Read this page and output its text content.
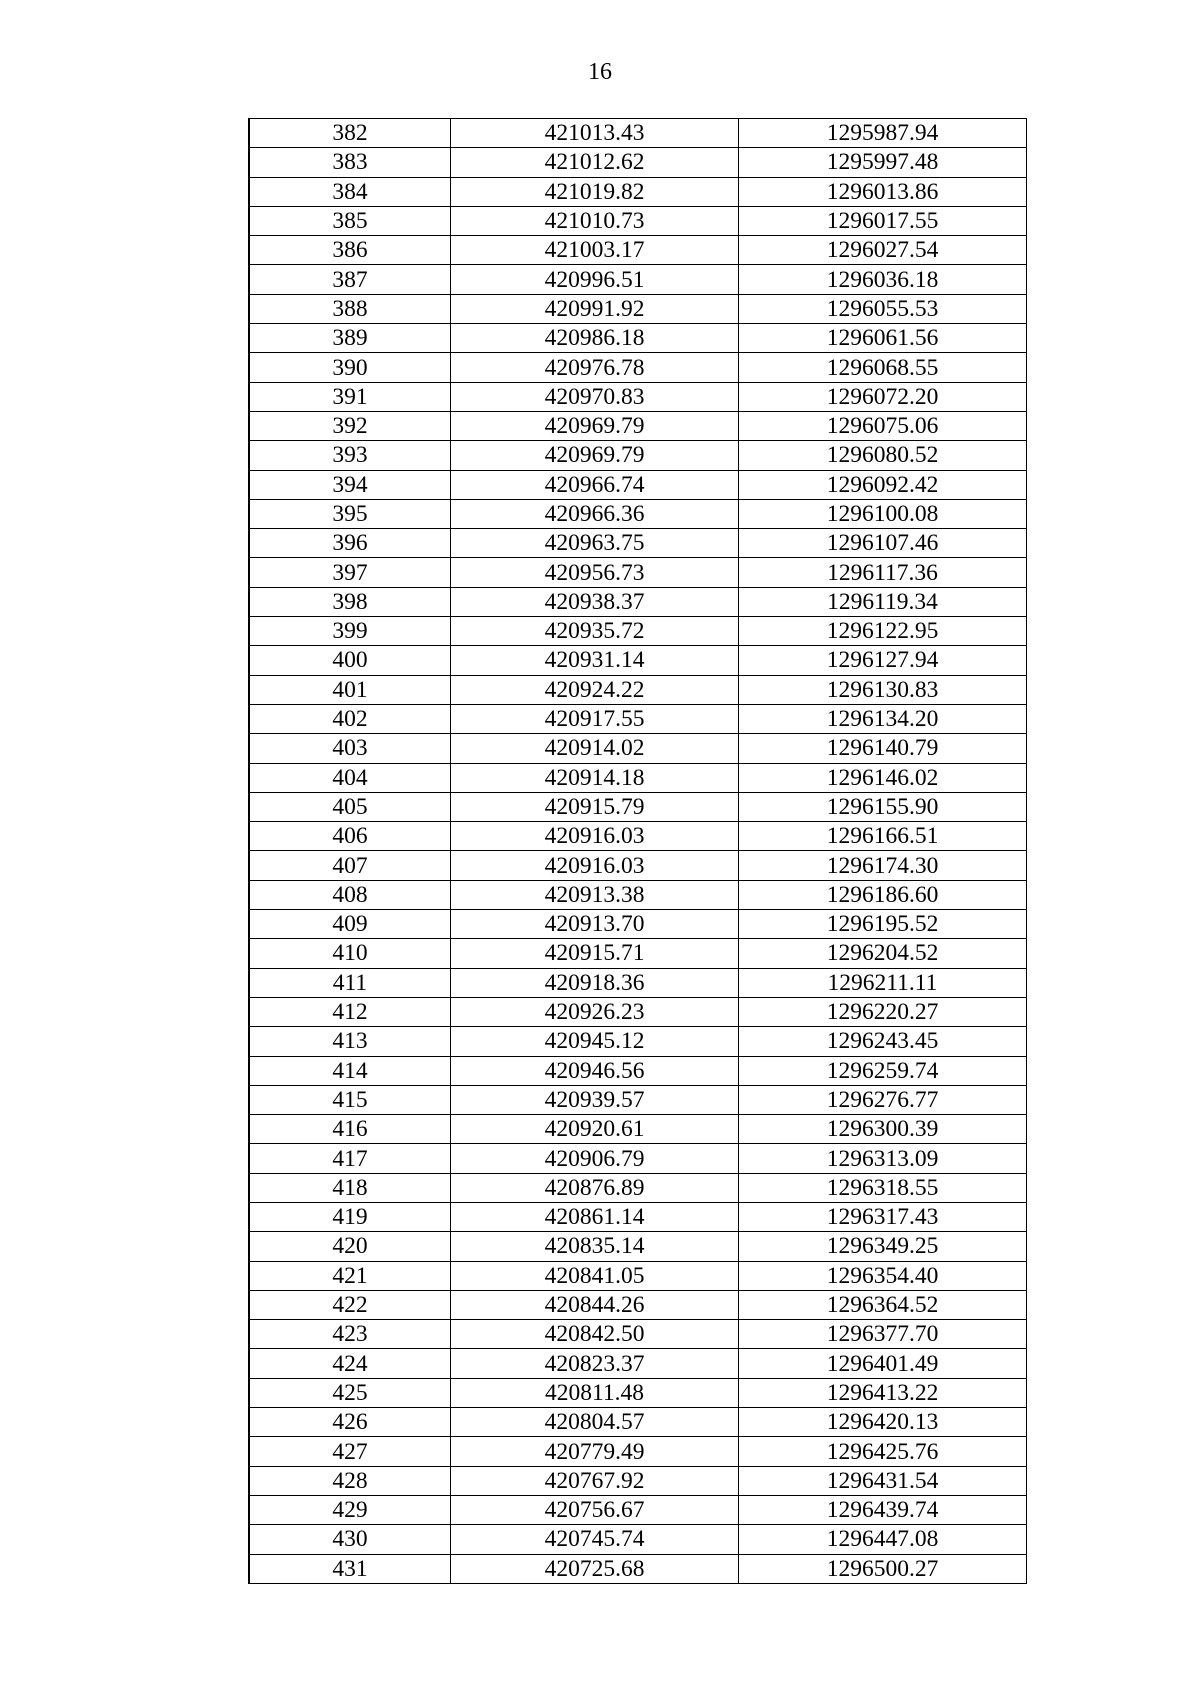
16
382	421013.43	1295987.94
383	421012.62	1295997.48
384	421019.82	1296013.86
385	421010.73	1296017.55
386	421003.17	1296027.54
387	420996.51	1296036.18
388	420991.92	1296055.53
389	420986.18	1296061.56
390	420976.78	1296068.55
391	420970.83	1296072.20
392	420969.79	1296075.06
393	420969.79	1296080.52
394	420966.74	1296092.42
395	420966.36	1296100.08
396	420963.75	1296107.46
397	420956.73	1296117.36
398	420938.37	1296119.34
399	420935.72	1296122.95
400	420931.14	1296127.94
401	420924.22	1296130.83
402	420917.55	1296134.20
403	420914.02	1296140.79
404	420914.18	1296146.02
405	420915.79	1296155.90
406	420916.03	1296166.51
407	420916.03	1296174.30
408	420913.38	1296186.60
409	420913.70	1296195.52
410	420915.71	1296204.52
411	420918.36	1296211.11
412	420926.23	1296220.27
413	420945.12	1296243.45
414	420946.56	1296259.74
415	420939.57	1296276.77
416	420920.61	1296300.39
417	420906.79	1296313.09
418	420876.89	1296318.55
419	420861.14	1296317.43
420	420835.14	1296349.25
421	420841.05	1296354.40
422	420844.26	1296364.52
423	420842.50	1296377.70
424	420823.37	1296401.49
425	420811.48	1296413.22
426	420804.57	1296420.13
427	420779.49	1296425.76
428	420767.92	1296431.54
429	420756.67	1296439.74
430	420745.74	1296447.08
431	420725.68	1296500.27
